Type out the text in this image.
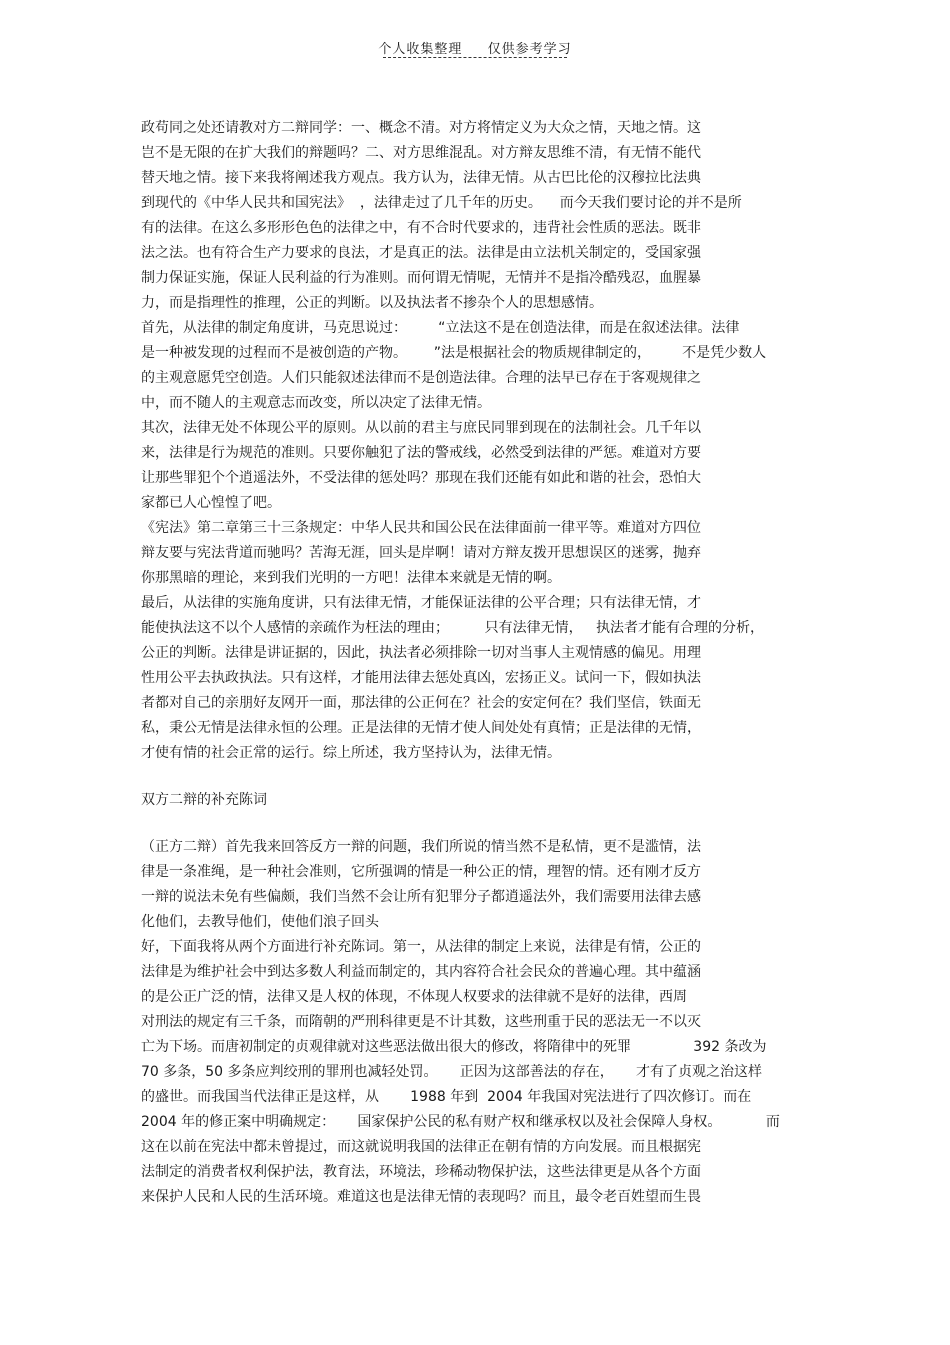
个人收集整理 仅供参考学习
政苟同之处还请教对方二辩同学：一、概念不清。对方将情定义为大众之情，天地之情。这
岂不是无限的在扩大我们的辩题吗？二、对方思维混乱。对方辩友思维不清，有无情不能代
替天地之情。接下来我将阐述我方观点。我方认为，法律无情。从古巴比伦的汉穆拉比法典
到现代的《中华人民共和国宪法》  ，法律走过了几千年的历史。    而今天我们要讨论的并不是所
有的法律。在这么多形形色色的法律之中，有不合时代要求的，违背社会性质的恶法。既非
法之法。也有符合生产力要求的良法，才是真正的法。法律是由立法机关制定的，受国家强
制力保证实施，保证人民利益的行为准则。而何谓无情呢，无情并不是指冷酷残忍，血腥暴
力，而是指理性的推理，公正的判断。以及执法者不掺杂个人的思想感情。
首先，从法律的制定角度讲，马克思说过：       “立法这不是在创造法律，而是在叙述法律。法律
是一种被发现的过程而不是被创造的产物。      ”法是根据社会的物质规律制定的，       不是凭少数人
的主观意愿凭空创造。人们只能叙述法律而不是创造法律。合理的法早已存在于客观规律之
中，而不随人的主观意志而改变，所以决定了法律无情。
其次，法律无处不体现公平的原则。从以前的君主与庶民同罪到现在的法制社会。几千年以
来，法律是行为规范的准则。只要你触犯了法的警戒线，必然受到法律的严惩。难道对方要
让那些罪犯个个逍遥法外，不受法律的惩处吗？那现在我们还能有如此和谐的社会，恐怕大
家都已人心惶惶了吧。
《宪法》第二章第三十三条规定：中华人民共和国公民在法律面前一律平等。难道对方四位
辩友要与宪法背道而驰吗？苦海无涯，回头是岸啊！请对方辩友拨开思想误区的迷雾，抛弃
你那黑暗的理论，来到我们光明的一方吧！法律本来就是无情的啊。
最后，从法律的实施角度讲，只有法律无情，才能保证法律的公平合理；只有法律无情，才
能使执法这不以个人感情的亲疏作为枉法的理由；        只有法律无情，   执法者才能有合理的分析，
公正的判断。法律是讲证据的，因此，执法者必须排除一切对当事人主观情感的偏见。用理
性用公平去执政执法。只有这样，才能用法律去惩处真凶，宏扬正义。试问一下，假如执法
者都对自己的亲朋好友网开一面，那法律的公正何在？社会的安定何在？我们坚信，铁面无
私，秉公无情是法律永恒的公理。正是法律的无情才使人间处处有真情；正是法律的无情，
才使有情的社会正常的运行。综上所述，我方坚持认为，法律无情。
双方二辩的补充陈词
（正方二辩）首先我来回答反方一辩的问题，我们所说的情当然不是私情，更不是滥情，法
律是一条准绳，是一种社会准则，它所强调的情是一种公正的情，理智的情。还有刚才反方
一辩的说法未免有些偏颇，我们当然不会让所有犯罪分子都逍遥法外，我们需要用法律去感
化他们，去教导他们，使他们浪子回头
好，下面我将从两个方面进行补充陈词。第一，从法律的制定上来说，法律是有情，公正的
法律是为维护社会中到达多数人利益而制定的，其内容符合社会民众的普遍心理。其中蕴涵
的是公正广泛的情，法律又是人权的体现，不体现人权要求的法律就不是好的法律，西周
对刑法的规定有三千条，而隋朝的严刑科律更是不计其数，这些刑重于民的恶法无一不以灭
亡为下场。而唐初制定的贞观律就对这些恶法做出很大的修改，将隋律中的死罪              392 条改为
70 多条，50 多条应判绞刑的罪刑也减轻处罚。     正因为这部善法的存在，     才有了贞观之治这样
的盛世。而我国当代法律正是这样，从       1988 年到  2004 年我国对宪法进行了四次修订。而在
2004 年的修正案中明确规定：     国家保护公民的私有财产权和继承权以及社会保障人身权。          而
这在以前在宪法中都未曾提过，而这就说明我国的法律正在朝有情的方向发展。而且根据宪
法制定的消费者权利保护法，教育法，环境法，珍稀动物保护法，这些法律更是从各个方面
来保护人民和人民的生活环境。难道这也是法律无情的表现吗？而且，最令老百姓望而生畏
